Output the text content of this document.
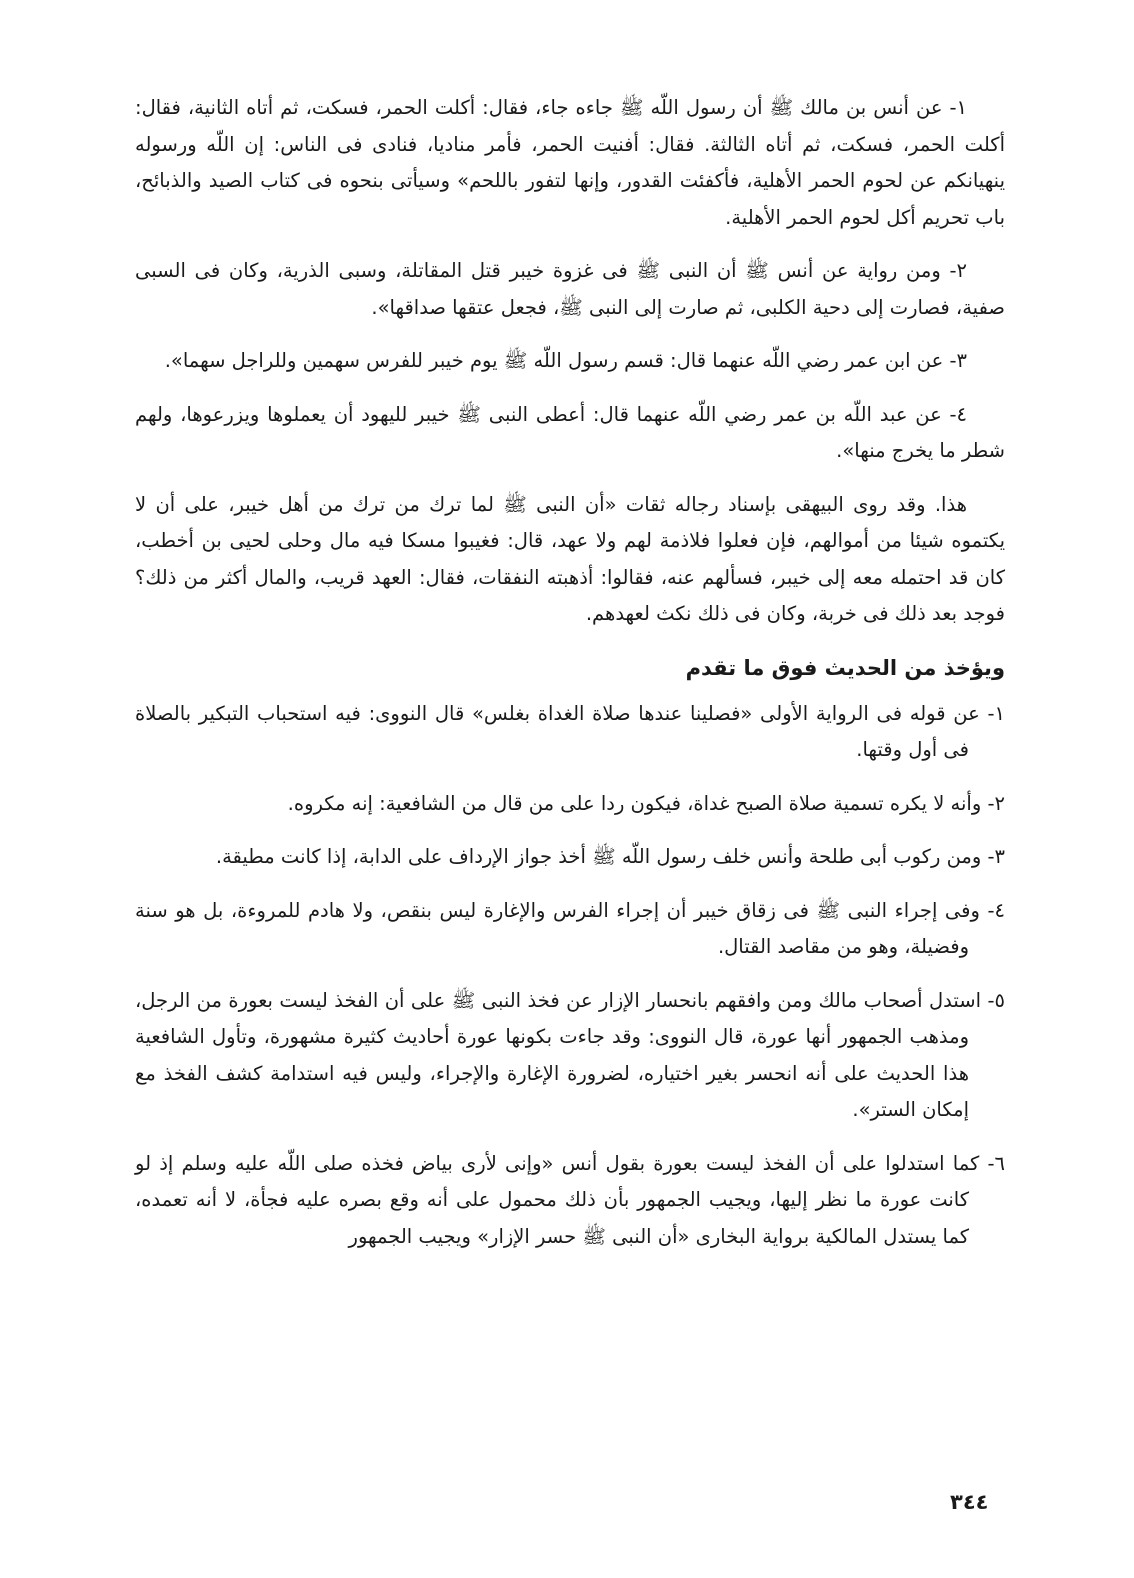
١- عن أنس بن مالك ﷺ أن رسول اللّه ﷺ جاءه جاء، فقال: أكلت الحمر، فسكت، ثم أتاه الثانية، فقال: أكلت الحمر، فسكت، ثم أتاه الثالثة. فقال: أفنيت الحمر، فأمر مناديا، فنادى فى الناس: إن اللّه ورسوله ينهيانكم عن لحوم الحمر الأهلية، فأكفئت القدور، وإنها لتفور باللحم» وسيأتى بنحوه فى كتاب الصيد والذبائح، باب تحريم أكل لحوم الحمر الأهلية.

٢- ومن رواية عن أنس ﷺ أن النبى ﷺ فى غزوة خيبر قتل المقاتلة، وسبى الذرية، وكان فى السبى صفية، فصارت إلى دحية الكلبى، ثم صارت إلى النبى ﷺ، فجعل عتقها صداقها».

٣- عن ابن عمر رضي اللّه عنهما قال: قسم رسول اللّه ﷺ يوم خيبر للفرس سهمين وللراجل سهما».

٤- عن عبد اللّه بن عمر رضي اللّه عنهما قال: أعطى النبى ﷺ خيبر لليهود أن يعملوها ويزرعوها، ولهم شطر ما يخرج منها».

هذا. وقد روى البيهقى بإسناد رجاله ثقات «أن النبى ﷺ لما ترك من ترك من أهل خيبر، على أن لا يكتموه شيئا من أموالهم، فإن فعلوا فلاذمة لهم ولا عهد، قال: فغيبوا مسكا فيه مال وحلى لحيى بن أخطب، كان قد احتمله معه إلى خيبر، فسألهم عنه، فقالوا: أذهبته النفقات، فقال: العهد قريب، والمال أكثر من ذلك؟ فوجد بعد ذلك فى خربة، وكان فى ذلك نكث لعهدهم.

ويؤخذ من الحديث فوق ما تقدم

١- عن قوله فى الرواية الأولى «فصلينا عندها صلاة الغداة بغلس» قال النووى: فيه استحباب التبكير بالصلاة فى أول وقتها.

٢- وأنه لا يكره تسمية صلاة الصبح غداة، فيكون ردا على من قال من الشافعية: إنه مكروه.

٣- ومن ركوب أبى طلحة وأنس خلف رسول اللّه ﷺ أخذ جواز الإرداف على الدابة، إذا كانت مطيقة.

٤- وفى إجراء النبى ﷺ فى زقاق خيبر أن إجراء الفرس والإغارة ليس بنقص، ولا هادم للمروءة، بل هو سنة وفضيلة، وهو من مقاصد القتال.

٥- استدل أصحاب مالك ومن وافقهم بانحسار الإزار عن فخذ النبى ﷺ على أن الفخذ ليست بعورة من الرجل، ومذهب الجمهور أنها عورة، قال النووى: وقد جاءت بكونها عورة أحاديث كثيرة مشهورة، وتأول الشافعية هذا الحديث على أنه انحسر بغير اختياره، لضرورة الإغارة والإجراء، وليس فيه استدامة كشف الفخذ مع إمكان الستر».

٦- كما استدلوا على أن الفخذ ليست بعورة بقول أنس «وإنى لأرى بياض فخذه صلى اللّه عليه وسلم إذ لو كانت عورة ما نظر إليها، ويجيب الجمهور بأن ذلك محمول على أنه وقع بصره عليه فجأة، لا أنه تعمده، كما يستدل المالكية برواية البخارى «أن النبى ﷺ حسر الإزار» ويجيب الجمهور

٣٤٤
